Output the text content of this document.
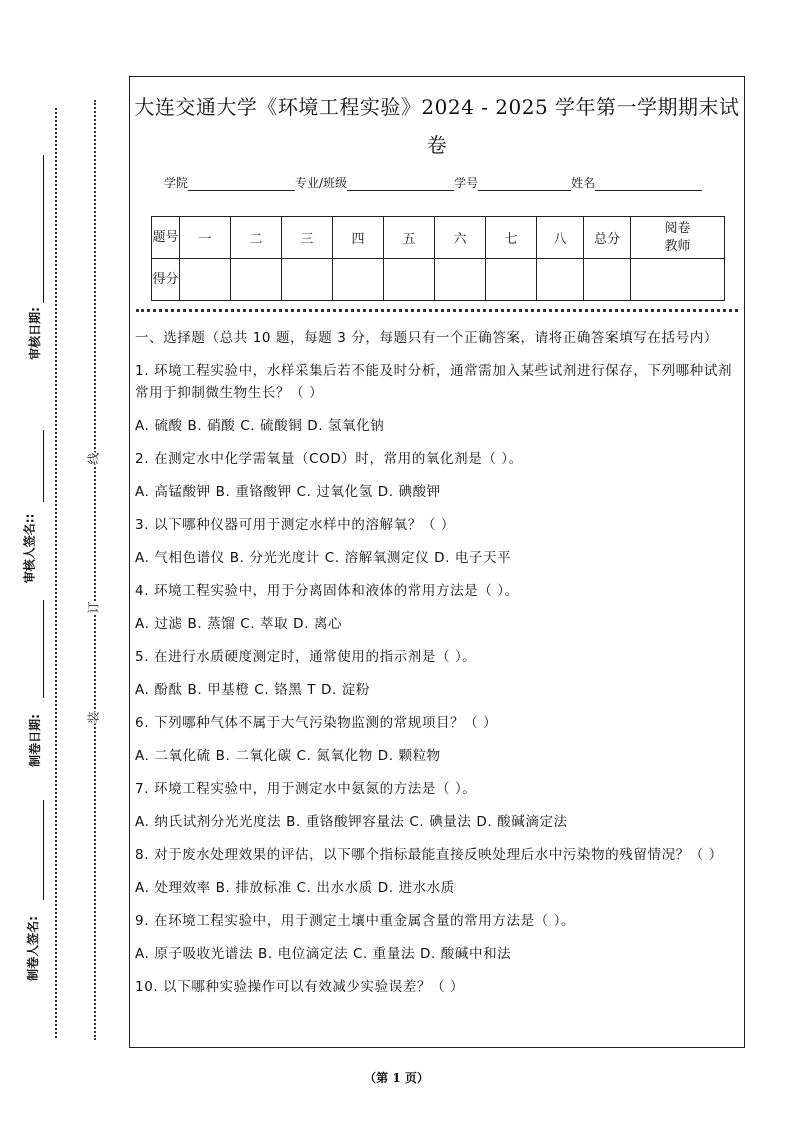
审核日期:
审核人签名::
制卷日期:
制卷人签名:
线
订
装
大连交通大学《环境工程实验》2024 - 2025 学年第一学期期末试
卷
学院	专业/班级	学号	姓名
题号	一	二	三	四	五	六	七	八	总分	阅卷教师
得分										

一、选择题（总共 10 题，每题 3 分，每题只有一个正确答案，请将正确答案填写在括号内）

1. 环境工程实验中，水样采集后若不能及时分析，通常需加入某些试剂进行保存，下列哪种试剂常用于抑制微生物生长？（ ）

A. 硫酸 B. 硝酸 C. 硫酸铜 D. 氢氧化钠

2. 在测定水中化学需氧量（COD）时，常用的氧化剂是（ ）。

A. 高锰酸钾 B. 重铬酸钾 C. 过氧化氢 D. 碘酸钾

3. 以下哪种仪器可用于测定水样中的溶解氧？（ ）

A. 气相色谱仪 B. 分光光度计 C. 溶解氧测定仪 D. 电子天平

4. 环境工程实验中，用于分离固体和液体的常用方法是（ ）。

A. 过滤 B. 蒸馏 C. 萃取 D. 离心

5. 在进行水质硬度测定时，通常使用的指示剂是（ ）。

A. 酚酞 B. 甲基橙 C. 铬黑 T D. 淀粉

6. 下列哪种气体不属于大气污染物监测的常规项目？（ ）

A. 二氧化硫 B. 二氧化碳 C. 氮氧化物 D. 颗粒物

7. 环境工程实验中，用于测定水中氨氮的方法是（ ）。

A. 纳氏试剂分光光度法 B. 重铬酸钾容量法 C. 碘量法 D. 酸碱滴定法

8. 对于废水处理效果的评估，以下哪个指标最能直接反映处理后水中污染物的残留情况？（ ）

A. 处理效率 B. 排放标准 C. 出水水质 D. 进水水质

9. 在环境工程实验中，用于测定土壤中重金属含量的常用方法是（ ）。

A. 原子吸收光谱法 B. 电位滴定法 C. 重量法 D. 酸碱中和法

10. 以下哪种实验操作可以有效减少实验误差？（ ）

（第 1 页）
